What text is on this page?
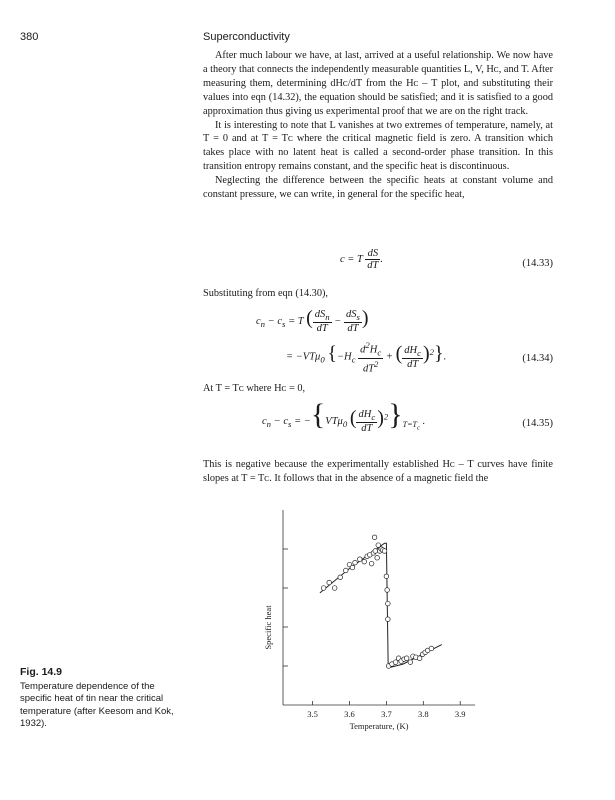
380	Superconductivity

After much labour we have, at last, arrived at a useful relationship. We now have a theory that connects the independently measurable quantities L, V, Hᴄ, and T. After measuring them, determining dHᴄ/dT from the Hᴄ – T plot, and substituting their values into eqn (14.32), the equation should be satisfied; and it is satisfied to a good approximation thus giving us experimental proof that we are on the right track.

It is interesting to note that L vanishes at two extremes of temperature, namely, at T = 0 and at T = Tᴄ where the critical magnetic field is zero. A transition which takes place with no latent heat is called a second-order phase transition. In this transition entropy remains constant, and the specific heat is discontinuous.

Neglecting the difference between the specific heats at constant volume and constant pressure, we can write, in general for the specific heat,

c = T $\frac{dS}{dT}$ .	(14.33)

Substituting from eqn (14.30),

$c_n - c_s = T$ ( $\frac{dS_n}{dT} - \frac{dS_s}{dT}$ )
= −VTμ$_0$ {$-H_c \frac{d^2H_c}{dT^2}$ + ( $\frac{dH_c}{dT} )^2$}.	(14.34)

At T = Tᴄ where Hᴄ = 0,

$c_n - c_s = -\{VT\mu_0$ ( $\frac{dH_c}{dT} )^2\}_{T=T_c}$ .	(14.35)

This is negative because the experimentally established Hᴄ – T curves have finite slopes at T = Tᴄ. It follows that in the absence of a magnetic field the

3.5	3.6	3.7	3.8	3.9
Temperature, (K)
Specific heat
Fig. 14.9
Temperature dependence of the specific heat of tin near the critical temperature (after Keesom and Kok, 1932).
